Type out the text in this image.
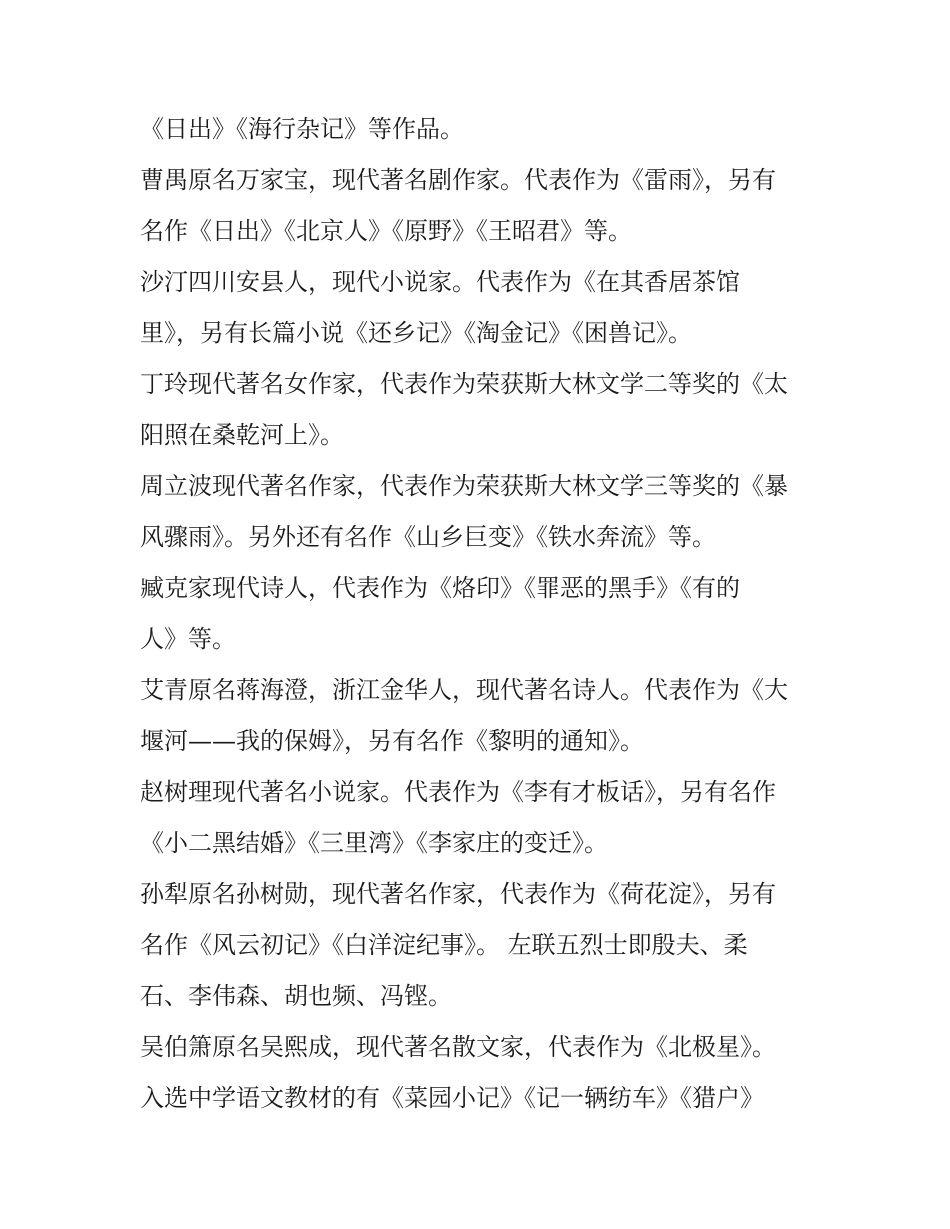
《日出》《海行杂记》等作品。
曹禺原名万家宝，现代著名剧作家。代表作为《雷雨》，另有
名作《日出》《北京人》《原野》《王昭君》等。
沙汀四川安县人，现代小说家。代表作为《在其香居茶馆
里》，另有长篇小说《还乡记》《淘金记》《困兽记》。
丁玲现代著名女作家，代表作为荣获斯大林文学二等奖的《太
阳照在桑乾河上》。
周立波现代著名作家，代表作为荣获斯大林文学三等奖的《暴
风骤雨》。另外还有名作《山乡巨变》《铁水奔流》等。
臧克家现代诗人，代表作为《烙印》《罪恶的黑手》《有的
人》等。
艾青原名蒋海澄，浙江金华人，现代著名诗人。代表作为《大
堰河——我的保姆》，另有名作《黎明的通知》。
赵树理现代著名小说家。代表作为《李有才板话》，另有名作
《小二黑结婚》《三里湾》《李家庄的变迁》。
孙犁原名孙树勋，现代著名作家，代表作为《荷花淀》，另有
名作《风云初记》《白洋淀纪事》。 左联五烈士即殷夫、柔
石、李伟森、胡也频、冯铿。
吴伯箫原名吴熙成，现代著名散文家，代表作为《北极星》。
入选中学语文教材的有《菜园小记》《记一辆纺车》《猎户》
